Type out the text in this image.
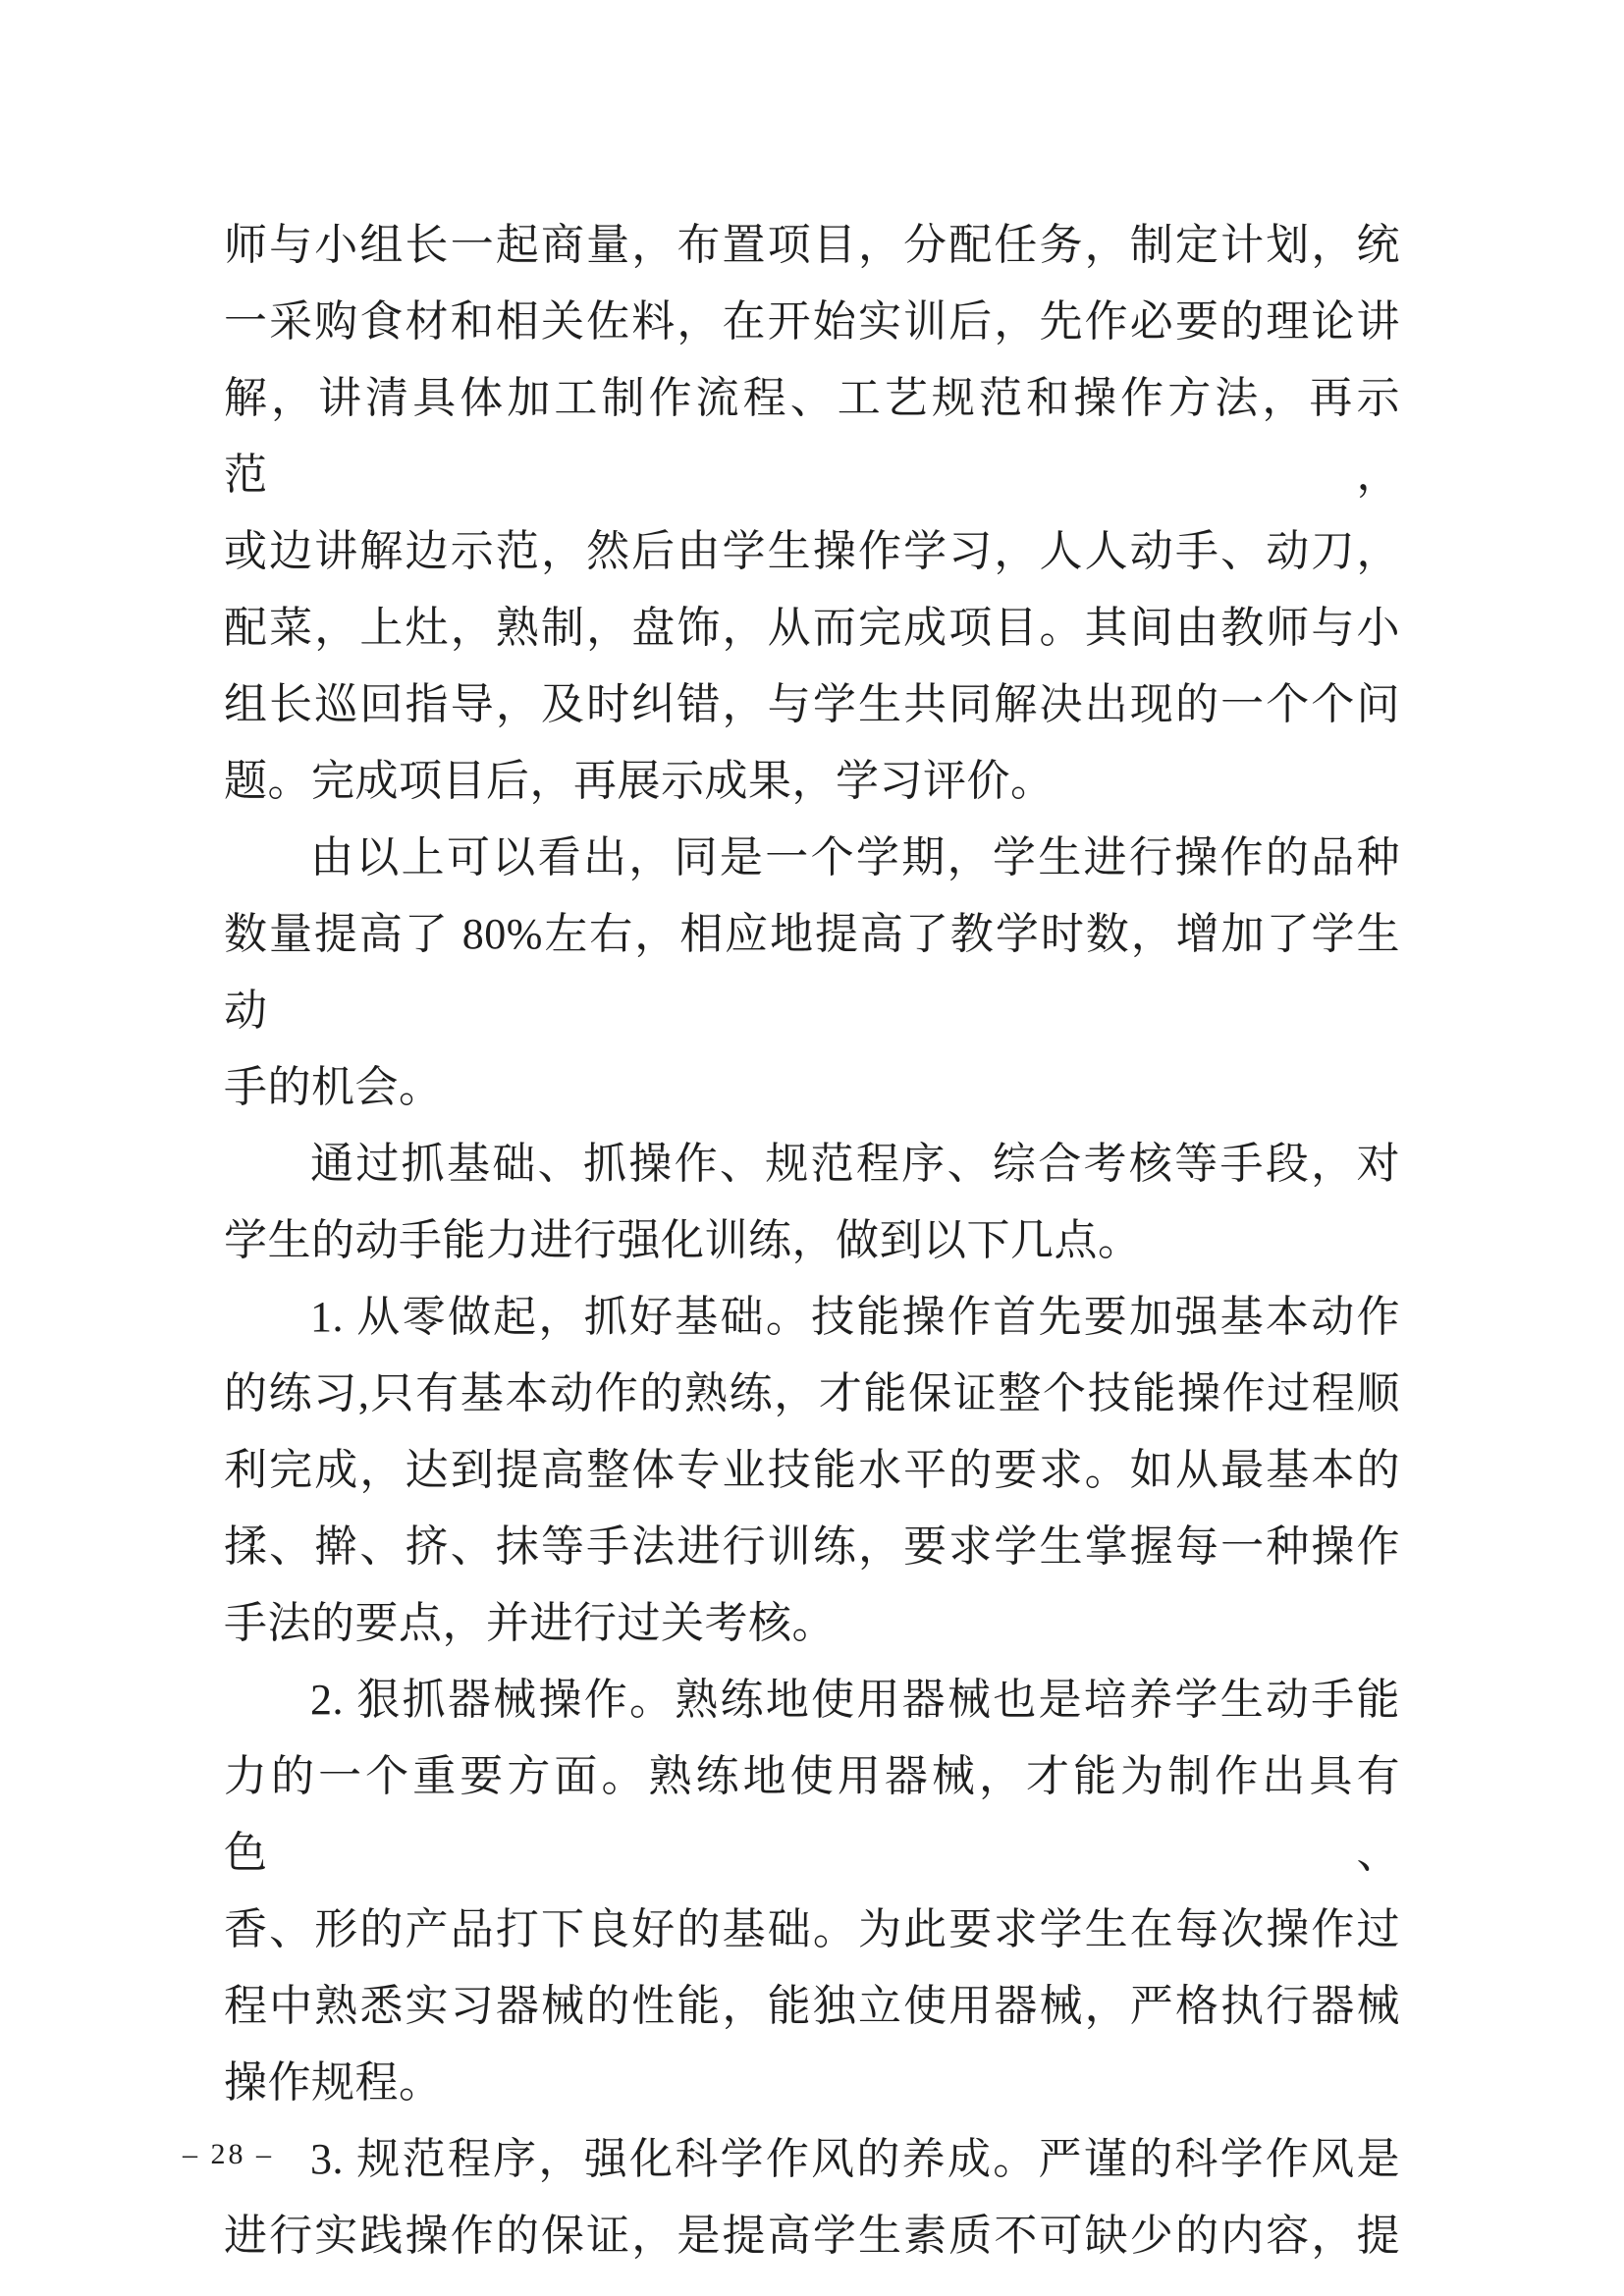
师与小组长一起商量，布置项目，分配任务，制定计划，统

一采购食材和相关佐料，在开始实训后，先作必要的理论讲

解，讲清具体加工制作流程、工艺规范和操作方法，再示范，

或边讲解边示范，然后由学生操作学习，人人动手、动刀，

配菜，上灶，熟制，盘饰，从而完成项目。其间由教师与小

组长巡回指导，及时纠错，与学生共同解决出现的一个个问

题。完成项目后，再展示成果，学习评价。

由以上可以看出，同是一个学期，学生进行操作的品种

数量提高了 80%左右，相应地提高了教学时数，增加了学生动

手的机会。

通过抓基础、抓操作、规范程序、综合考核等手段，对

学生的动手能力进行强化训练，做到以下几点。

1. 从零做起，抓好基础。技能操作首先要加强基本动作

的练习,只有基本动作的熟练，才能保证整个技能操作过程顺

利完成，达到提高整体专业技能水平的要求。如从最基本的

揉、擀、挤、抹等手法进行训练，要求学生掌握每一种操作

手法的要点，并进行过关考核。

2. 狠抓器械操作。熟练地使用器械也是培养学生动手能

力的一个重要方面。熟练地使用器械，才能为制作出具有色、

香、形的产品打下良好的基础。为此要求学生在每次操作过

程中熟悉实习器械的性能，能独立使用器械，严格执行器械

操作规程。

3. 规范程序，强化科学作风的养成。严谨的科学作风是

进行实践操作的保证，是提高学生素质不可缺少的内容，提

– 28 –
